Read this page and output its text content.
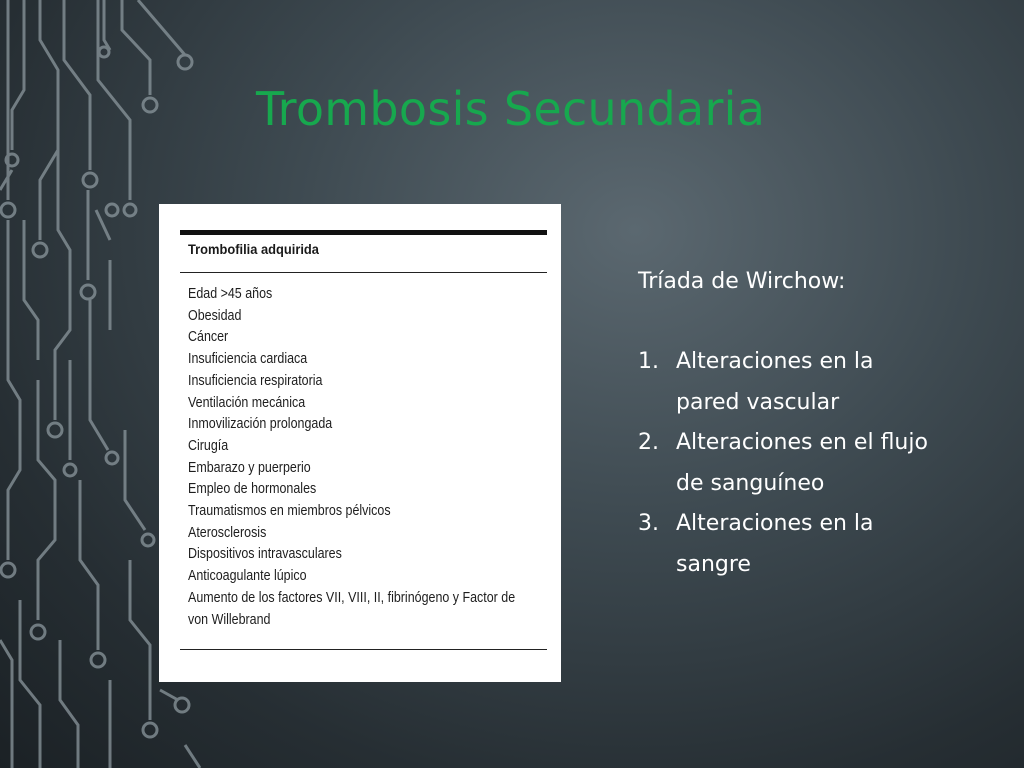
Trombosis Secundaria
Trombofilia adquirida
Edad >45 años
Obesidad
Cáncer
Insuficiencia cardiaca
Insuficiencia respiratoria
Ventilación mecánica
Inmovilización prolongada
Cirugía
Embarazo y puerperio
Empleo de hormonales
Traumatismos en miembros pélvicos
Aterosclerosis
Dispositivos intravasculares
Anticoagulante lúpico
Aumento de los factores VII, VIII, II, fibrinógeno y Factor de
von Willebrand

Tríada de Wirchow:

1. Alteraciones en la pared vascular
2. Alteraciones en el flujo de sanguíneo
3. Alteraciones en la sangre
